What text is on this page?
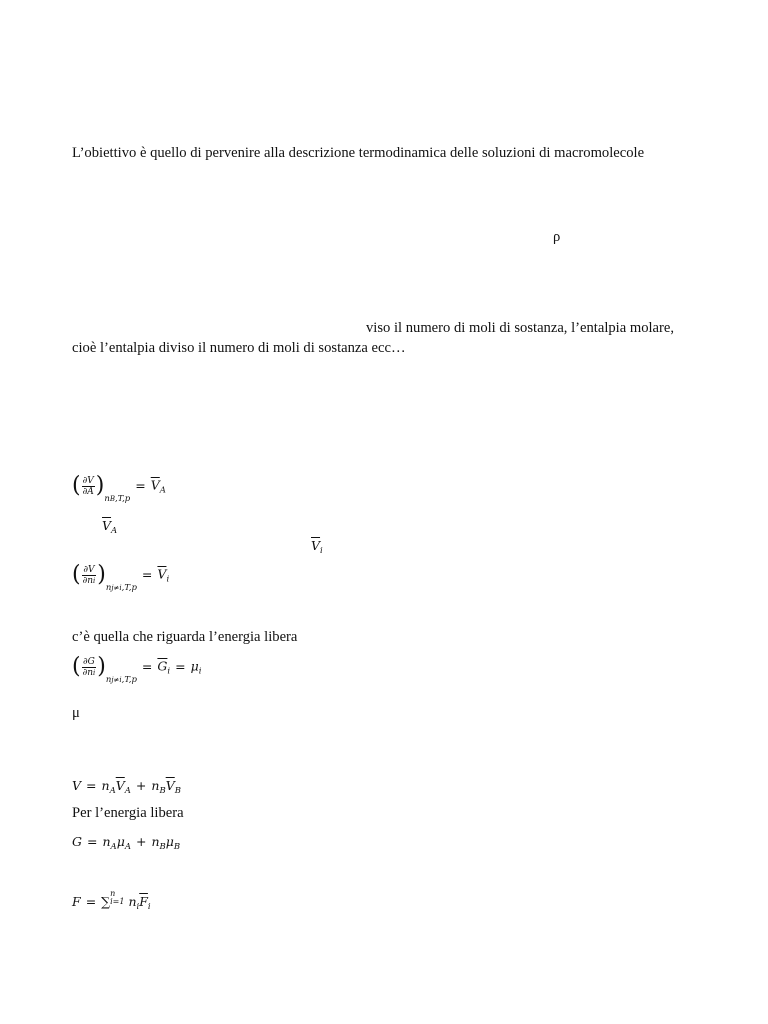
L’obiettivo è quello di pervenire alla descrizione termodinamica delle soluzioni di macromolecole
ρ
viso il numero di moli di sostanza, l’entalpia molare,
cioè l’entalpia diviso il numero di moli di sostanza ecc…
( $\frac{\partial V}{\partial A} )_{nB,T,p}= \overline{V}_A$
$\overline{V}_A$
$\overline{V}_i$
( $\frac{\partial V}{\partial ni} )_{nj\ne i,T,p}= \overline{V}_i$
c’è quella che riguarda l’energia libera
( $\frac{\partial G}{\partial ni} )_{nj\ne i,T,p}= \overline{G}_i = \mu_i$
μ
$V = n_A\overline{V}_A + n_B\overline{V}_B$
Per l’energia libera
$G = n_A\mu_A + n_B\mu_B$
F = ∑
n
i=1 $n_i\overline{F}_i$
